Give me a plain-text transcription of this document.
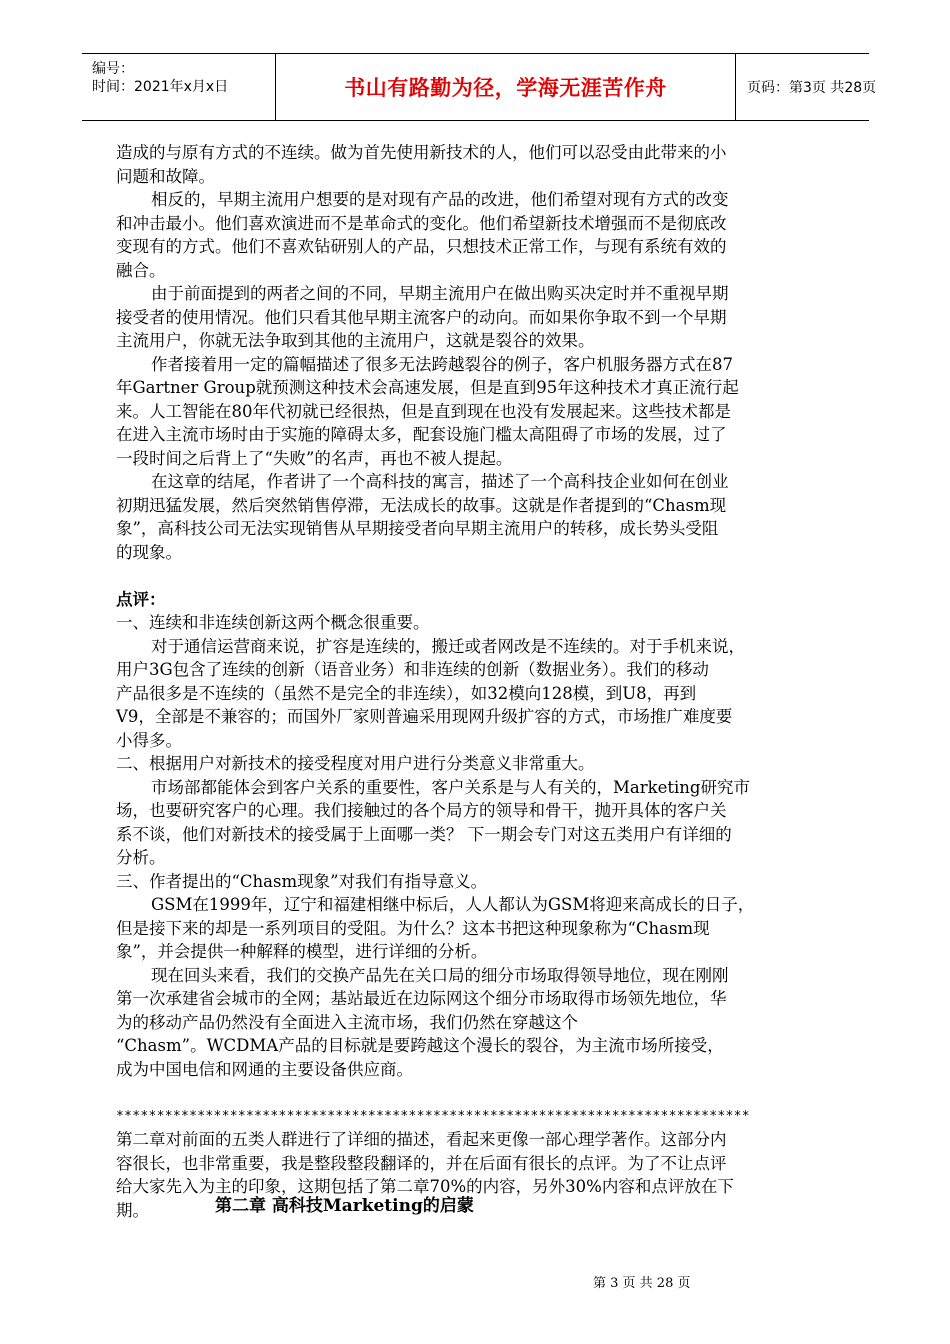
编号：
时间：2021年x月x日	书山有路勤为径，学海无涯苦作舟	页码：第3页 共28页
造成的与原有方式的不连续。做为首先使用新技术的人，他们可以忍受由此带来的小
问题和故障。
相反的，早期主流用户想要的是对现有产品的改进，他们希望对现有方式的改变
和冲击最小。他们喜欢演进而不是革命式的变化。他们希望新技术增强而不是彻底改
变现有的方式。他们不喜欢钻研别人的产品，只想技术正常工作，与现有系统有效的
融合。
由于前面提到的两者之间的不同，早期主流用户在做出购买决定时并不重视早期
接受者的使用情况。他们只看其他早期主流客户的动向。而如果你争取不到一个早期
主流用户，你就无法争取到其他的主流用户，这就是裂谷的效果。
作者接着用一定的篇幅描述了很多无法跨越裂谷的例子，客户机服务器方式在87
年Gartner Group就预测这种技术会高速发展，但是直到95年这种技术才真正流行起
来。人工智能在80年代初就已经很热，但是直到现在也没有发展起来。这些技术都是
在进入主流市场时由于实施的障碍太多，配套设施门槛太高阻碍了市场的发展，过了
一段时间之后背上了“失败”的名声，再也不被人提起。
在这章的结尾，作者讲了一个高科技的寓言，描述了一个高科技企业如何在创业
初期迅猛发展，然后突然销售停滞，无法成长的故事。这就是作者提到的“Chasm现
象”，高科技公司无法实现销售从早期接受者向早期主流用户的转移，成长势头受阻
的现象。
点评：
一、连续和非连续创新这两个概念很重要。
对于通信运营商来说，扩容是连续的，搬迁或者网改是不连续的。对于手机来说，
用户3G包含了连续的创新（语音业务）和非连续的创新（数据业务）。我们的移动
产品很多是不连续的（虽然不是完全的非连续），如32模向128模，到U8，再到
V9，全部是不兼容的；而国外厂家则普遍采用现网升级扩容的方式，市场推广难度要
小得多。
二、根据用户对新技术的接受程度对用户进行分类意义非常重大。
市场部都能体会到客户关系的重要性，客户关系是与人有关的，Marketing研究市
场，也要研究客户的心理。我们接触过的各个局方的领导和骨干，抛开具体的客户关
系不谈，他们对新技术的接受属于上面哪一类？ 下一期会专门对这五类用户有详细的
分析。
三、作者提出的“Chasm现象”对我们有指导意义。
GSM在1999年，辽宁和福建相继中标后，人人都认为GSM将迎来高成长的日子，
但是接下来的却是一系列项目的受阻。为什么？这本书把这种现象称为“Chasm现
象”，并会提供一种解释的模型，进行详细的分析。
现在回头来看，我们的交换产品先在关口局的细分市场取得领导地位，现在刚刚
第一次承建省会城市的全网；基站最近在边际网这个细分市场取得市场领先地位，华
为的移动产品仍然没有全面进入主流市场，我们仍然在穿越这个
“Chasm”。WCDMA产品的目标就是要跨越这个漫长的裂谷，为主流市场所接受，
成为中国电信和网通的主要设备供应商。
******************************************************************************
第二章对前面的五类人群进行了详细的描述，看起来更像一部心理学著作。这部分内
容很长，也非常重要，我是整段整段翻译的，并在后面有很长的点评。为了不让点评
给大家先入为主的印象，这期包括了第二章70%的内容，另外30%内容和点评放在下
期。	第二章 高科技Marketing的启蒙
第 3 页 共 28 页
